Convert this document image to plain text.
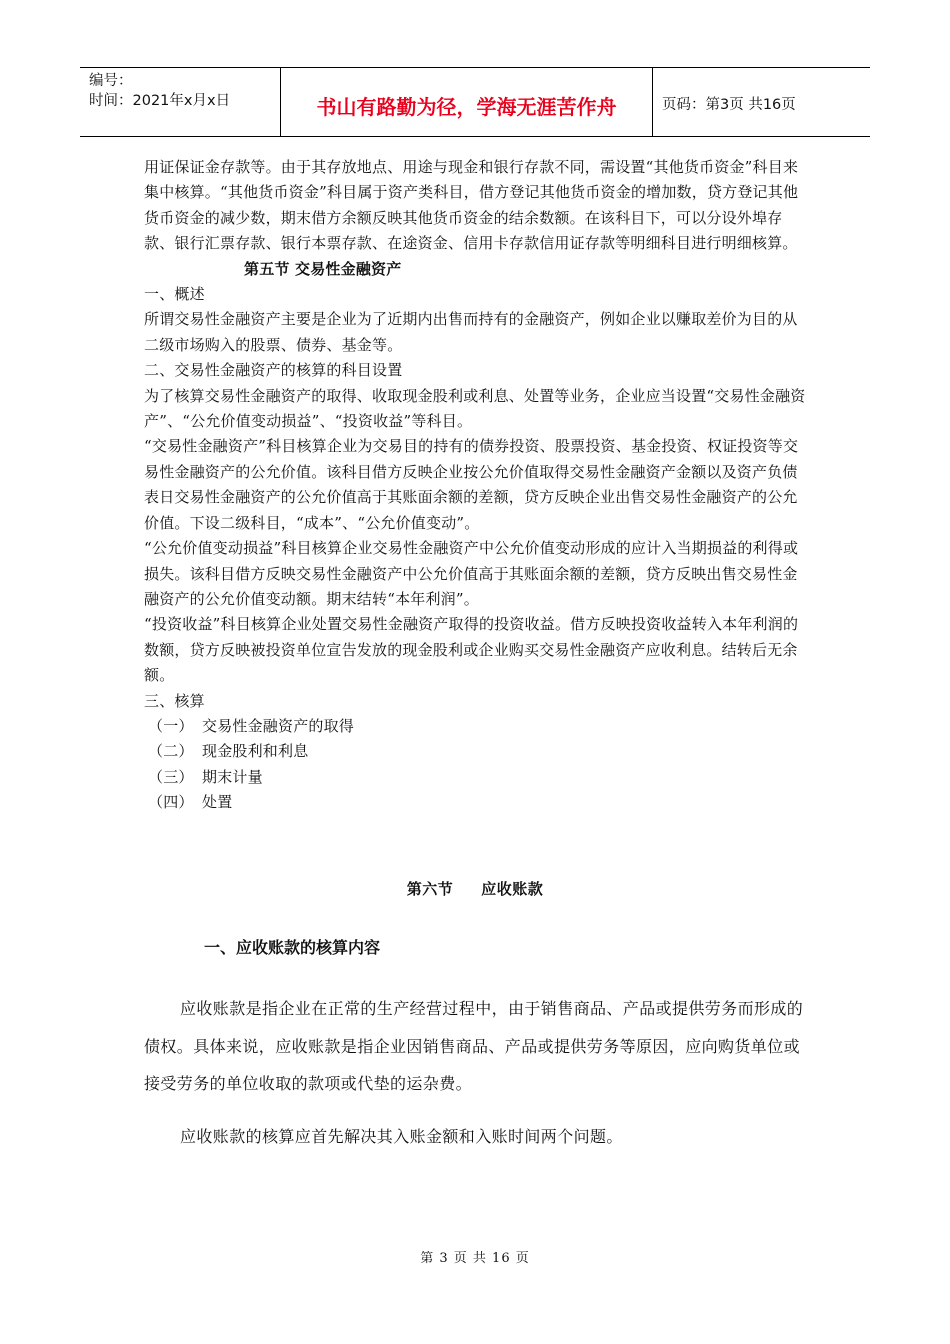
编号：
时间：2021年x月x日	书山有路勤为径，学海无涯苦作舟	页码：第3页 共16页

用证保证金存款等。由于其存放地点、用途与现金和银行存款不同，需设置“其他货币资金”科目来集中核算。“其他货币资金”科目属于资产类科目，借方登记其他货币资金的增加数，贷方登记其他货币资金的减少数，期末借方余额反映其他货币资金的结余数额。在该科目下，可以分设外埠存款、银行汇票存款、银行本票存款、在途资金、信用卡存款信用证存款等明细科目进行明细核算。

第五节 交易性金融资产

一、概述

所谓交易性金融资产主要是企业为了近期内出售而持有的金融资产，例如企业以赚取差价为目的从二级市场购入的股票、债券、基金等。

二、交易性金融资产的核算的科目设置

为了核算交易性金融资产的取得、收取现金股利或利息、处置等业务，企业应当设置“交易性金融资产”、“公允价值变动损益”、“投资收益”等科目。

“交易性金融资产”科目核算企业为交易目的持有的债券投资、股票投资、基金投资、权证投资等交易性金融资产的公允价值。该科目借方反映企业按公允价值取得交易性金融资产金额以及资产负债表日交易性金融资产的公允价值高于其账面余额的差额，贷方反映企业出售交易性金融资产的公允价值。下设二级科目，“成本”、“公允价值变动”。

“公允价值变动损益”科目核算企业交易性金融资产中公允价值变动形成的应计入当期损益的利得或损失。该科目借方反映交易性金融资产中公允价值高于其账面余额的差额，贷方反映出售交易性金融资产的公允价值变动额。期末结转“本年利润”。

“投资收益”科目核算企业处置交易性金融资产取得的投资收益。借方反映投资收益转入本年利润的数额，贷方反映被投资单位宣告发放的现金股利或企业购买交易性金融资产应收利息。结转后无余额。

三、核算

（一） 交易性金融资产的取得

（二） 现金股利和利息

（三） 期末计量

（四） 处置

第六节 应收账款
一、应收账款的核算内容

应收账款是指企业在正常的生产经营过程中，由于销售商品、产品或提供劳务而形成的债权。具体来说，应收账款是指企业因销售商品、产品或提供劳务等原因，应向购货单位或接受劳务的单位收取的款项或代垫的运杂费。

应收账款的核算应首先解决其入账金额和入账时间两个问题。
第 3 页 共 16 页
